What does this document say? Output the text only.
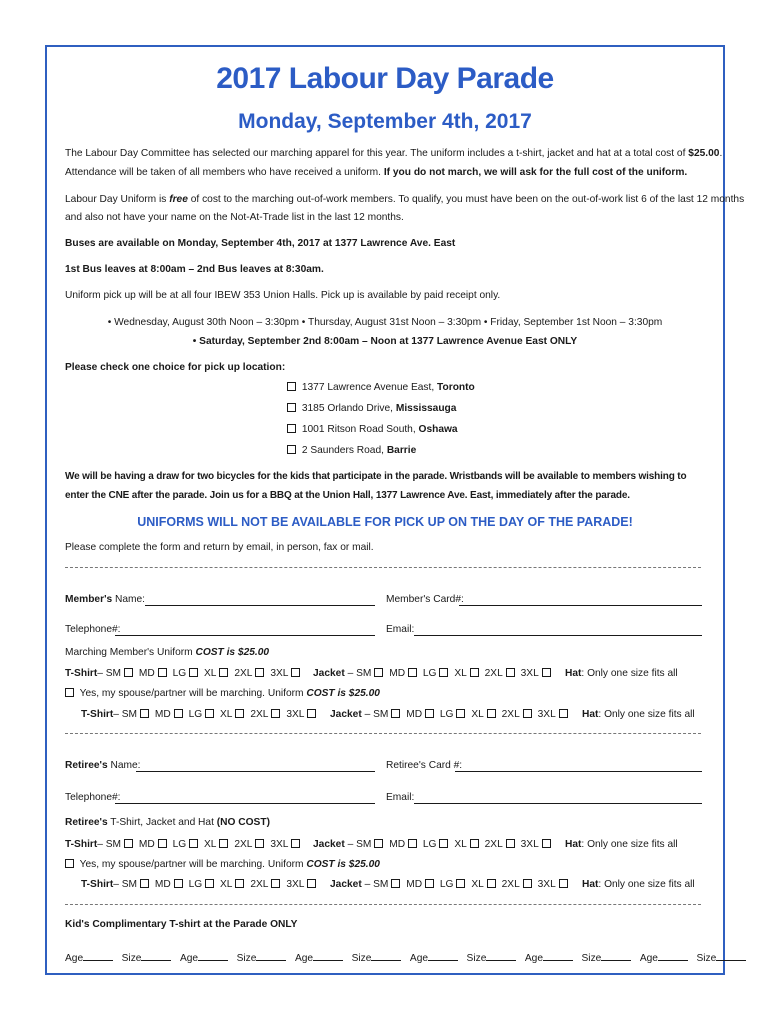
2017 Labour Day Parade
Monday, September 4th, 2017
The Labour Day Committee has selected our marching apparel for this year. The uniform includes a t-shirt, jacket and hat at a total cost of $25.00.
Attendance will be taken of all members who have received a uniform. If you do not march, we will ask for the full cost of the uniform.
Labour Day Uniform is free of cost to the marching out-of-work members. To qualify, you must have been on the out-of-work list 6 of the last 12 months
and also not have your name on the Not-At-Trade list in the last 12 months.
Buses are available on Monday, September 4th, 2017 at 1377 Lawrence Ave. East
1st Bus leaves at 8:00am – 2nd Bus leaves at 8:30am.
Uniform pick up will be at all four IBEW 353 Union Halls. Pick up is available by paid receipt only.
• Wednesday, August 30th Noon – 3:30pm • Thursday, August 31st Noon – 3:30pm • Friday, September 1st Noon – 3:30pm
• Saturday, September 2nd 8:00am – Noon at 1377 Lawrence Avenue East ONLY
Please check one choice for pick up location:
1377 Lawrence Avenue East, Toronto
3185 Orlando Drive, Mississauga
1001 Ritson Road South, Oshawa
2 Saunders Road, Barrie
We will be having a draw for two bicycles for the kids that participate in the parade. Wristbands will be available to members wishing to
enter the CNE after the parade. Join us for a BBQ at the Union Hall, 1377 Lawrence Ave. East, immediately after the parade.
UNIFORMS WILL NOT BE AVAILABLE FOR PICK UP ON THE DAY OF THE PARADE!
Please complete the form and return by email, in person, fax or mail.
Member's Name:	Member's Card#:
Telephone#:	Email:
Marching Member's Uniform COST is $25.00
T-Shirt– SM MD LG XL 2XL 3XL	Jacket – SM MD LG XL 2XL 3XL	Hat: Only one size fits all
Yes, my spouse/partner will be marching. Uniform COST is $25.00
T-Shirt– SM MD LG XL 2XL 3XL	Jacket – SM MD LG XL 2XL 3XL	Hat: Only one size fits all
Retiree's Name:	Retiree's Card #:
Telephone#:	Email:
Retiree's T-Shirt, Jacket and Hat (NO COST)
T-Shirt– SM MD LG XL 2XL 3XL	Jacket – SM MD LG XL 2XL 3XL	Hat: Only one size fits all
Yes, my spouse/partner will be marching. Uniform COST is $25.00
T-Shirt– SM MD LG XL 2XL 3XL	Jacket – SM MD LG XL 2XL 3XL	Hat: Only one size fits all
Kid's Complimentary T-shirt at the Parade ONLY
Age	Size	Age	Size	Age	Size	Age	Size	Age	Size	Age	Size
